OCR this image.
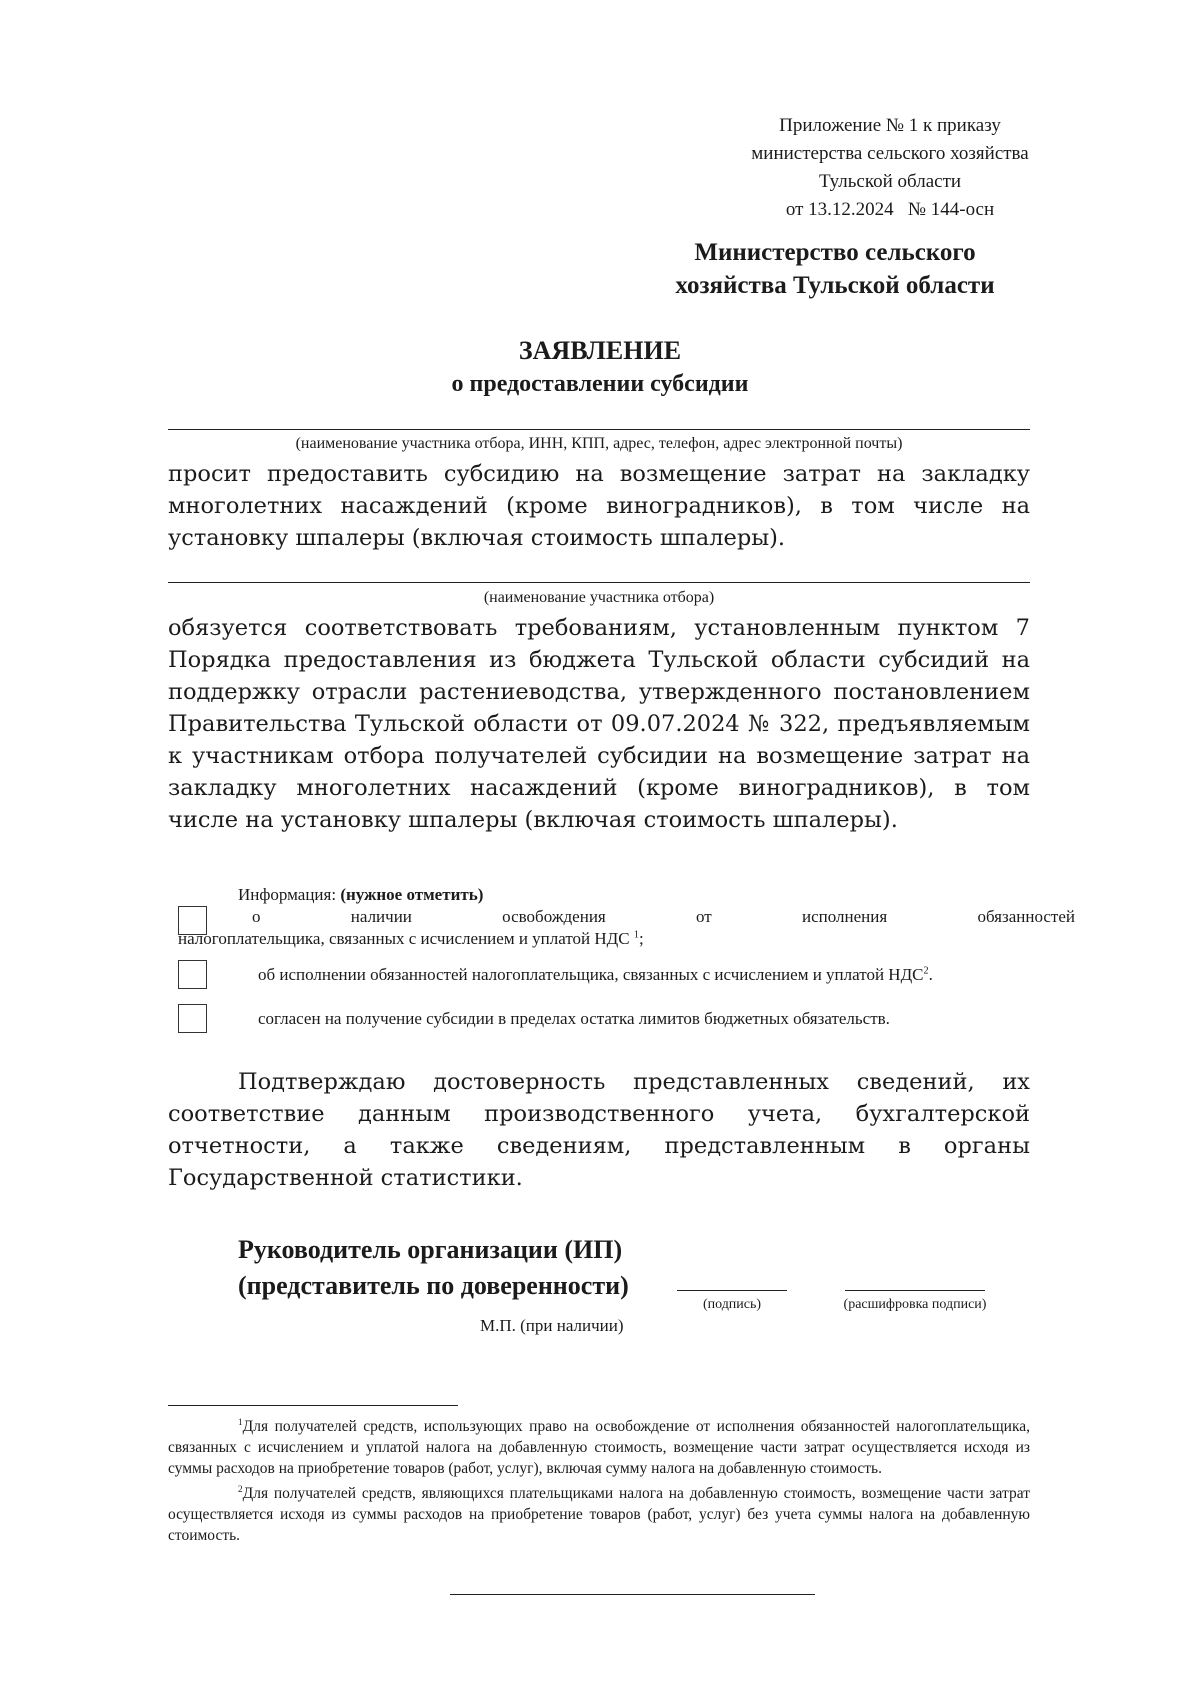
Приложение № 1 к приказу
министерства сельского хозяйства
Тульской области
от 13.12.2024   № 144-осн
Министерство сельского
хозяйства Тульской области
ЗАЯВЛЕНИЕ
о предоставлении субсидии
(наименование участника отбора, ИНН, КПП, адрес, телефон, адрес электронной почты)
просит предоставить субсидию на возмещение затрат на закладку многолетних насаждений (кроме виноградников), в том числе на установку шпалеры (включая стоимость шпалеры).
(наименование участника отбора)
обязуется соответствовать требованиям, установленным пунктом 7 Порядка предоставления из бюджета Тульской области субсидий на поддержку отрасли растениеводства, утвержденного постановлением Правительства Тульской области от 09.07.2024 № 322, предъявляемым к участникам отбора получателей субсидии на возмещение затрат на закладку многолетних насаждений (кроме виноградников), в том числе на установку шпалеры (включая стоимость шпалеры).
Информация: (нужное отметить)
о наличии освобождения от исполнения обязанностей
налогоплательщика, связанных с исчислением и уплатой НДС $^1$;
об исполнении обязанностей налогоплательщика, связанных с исчислением и уплатой НДС$^2$.
согласен на получение субсидии в пределах остатка лимитов бюджетных обязательств.
Подтверждаю достоверность представленных сведений, их соответствие данным производственного учета, бухгалтерской отчетности, а также сведениям, представленным в органы Государственной статистики.
Руководитель организации (ИП)
(представитель по доверенности)
(подпись)	(расшифровка подписи)
М.П. (при наличии)

$^1$Для получателей средств, использующих право на освобождение от исполнения обязанностей налогоплательщика, связанных с исчислением и уплатой налога на добавленную стоимость, возмещение части затрат осуществляется исходя из суммы расходов на приобретение товаров (работ, услуг), включая сумму налога на добавленную стоимость.

$^2$Для получателей средств, являющихся плательщиками налога на добавленную стоимость, возмещение части затрат осуществляется исходя из суммы расходов на приобретение товаров (работ, услуг) без учета суммы налога на добавленную стоимость.
